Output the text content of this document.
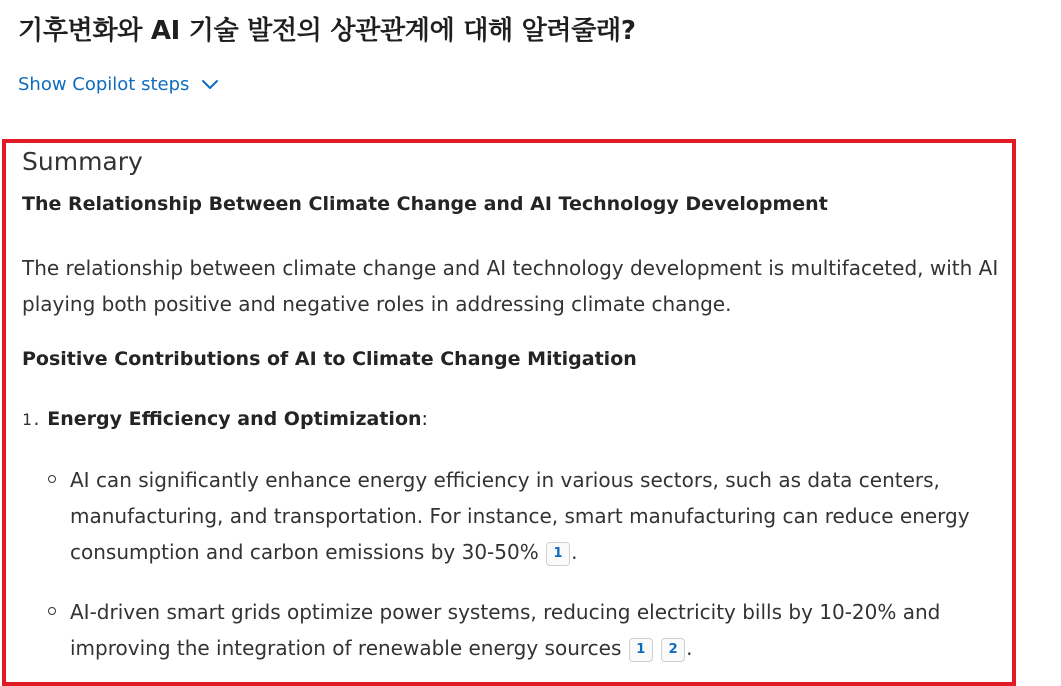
기후변화와 AI 기술 발전의 상관관계에 대해 알려줄래?
Show Copilot steps
Summary
The Relationship Between Climate Change and AI Technology Development
The relationship between climate change and AI technology development is multifaceted, with AI playing both positive and negative roles in addressing climate change.
Positive Contributions of AI to Climate Change Mitigation
1. Energy Efficiency and Optimization:
AI can significantly enhance energy efficiency in various sectors, such as data centers, manufacturing, and transportation. For instance, smart manufacturing can reduce energy consumption and carbon emissions by 30-50% 1 .
AI-driven smart grids optimize power systems, reducing electricity bills by 10-20% and improving the integration of renewable energy sources 1 2 .
